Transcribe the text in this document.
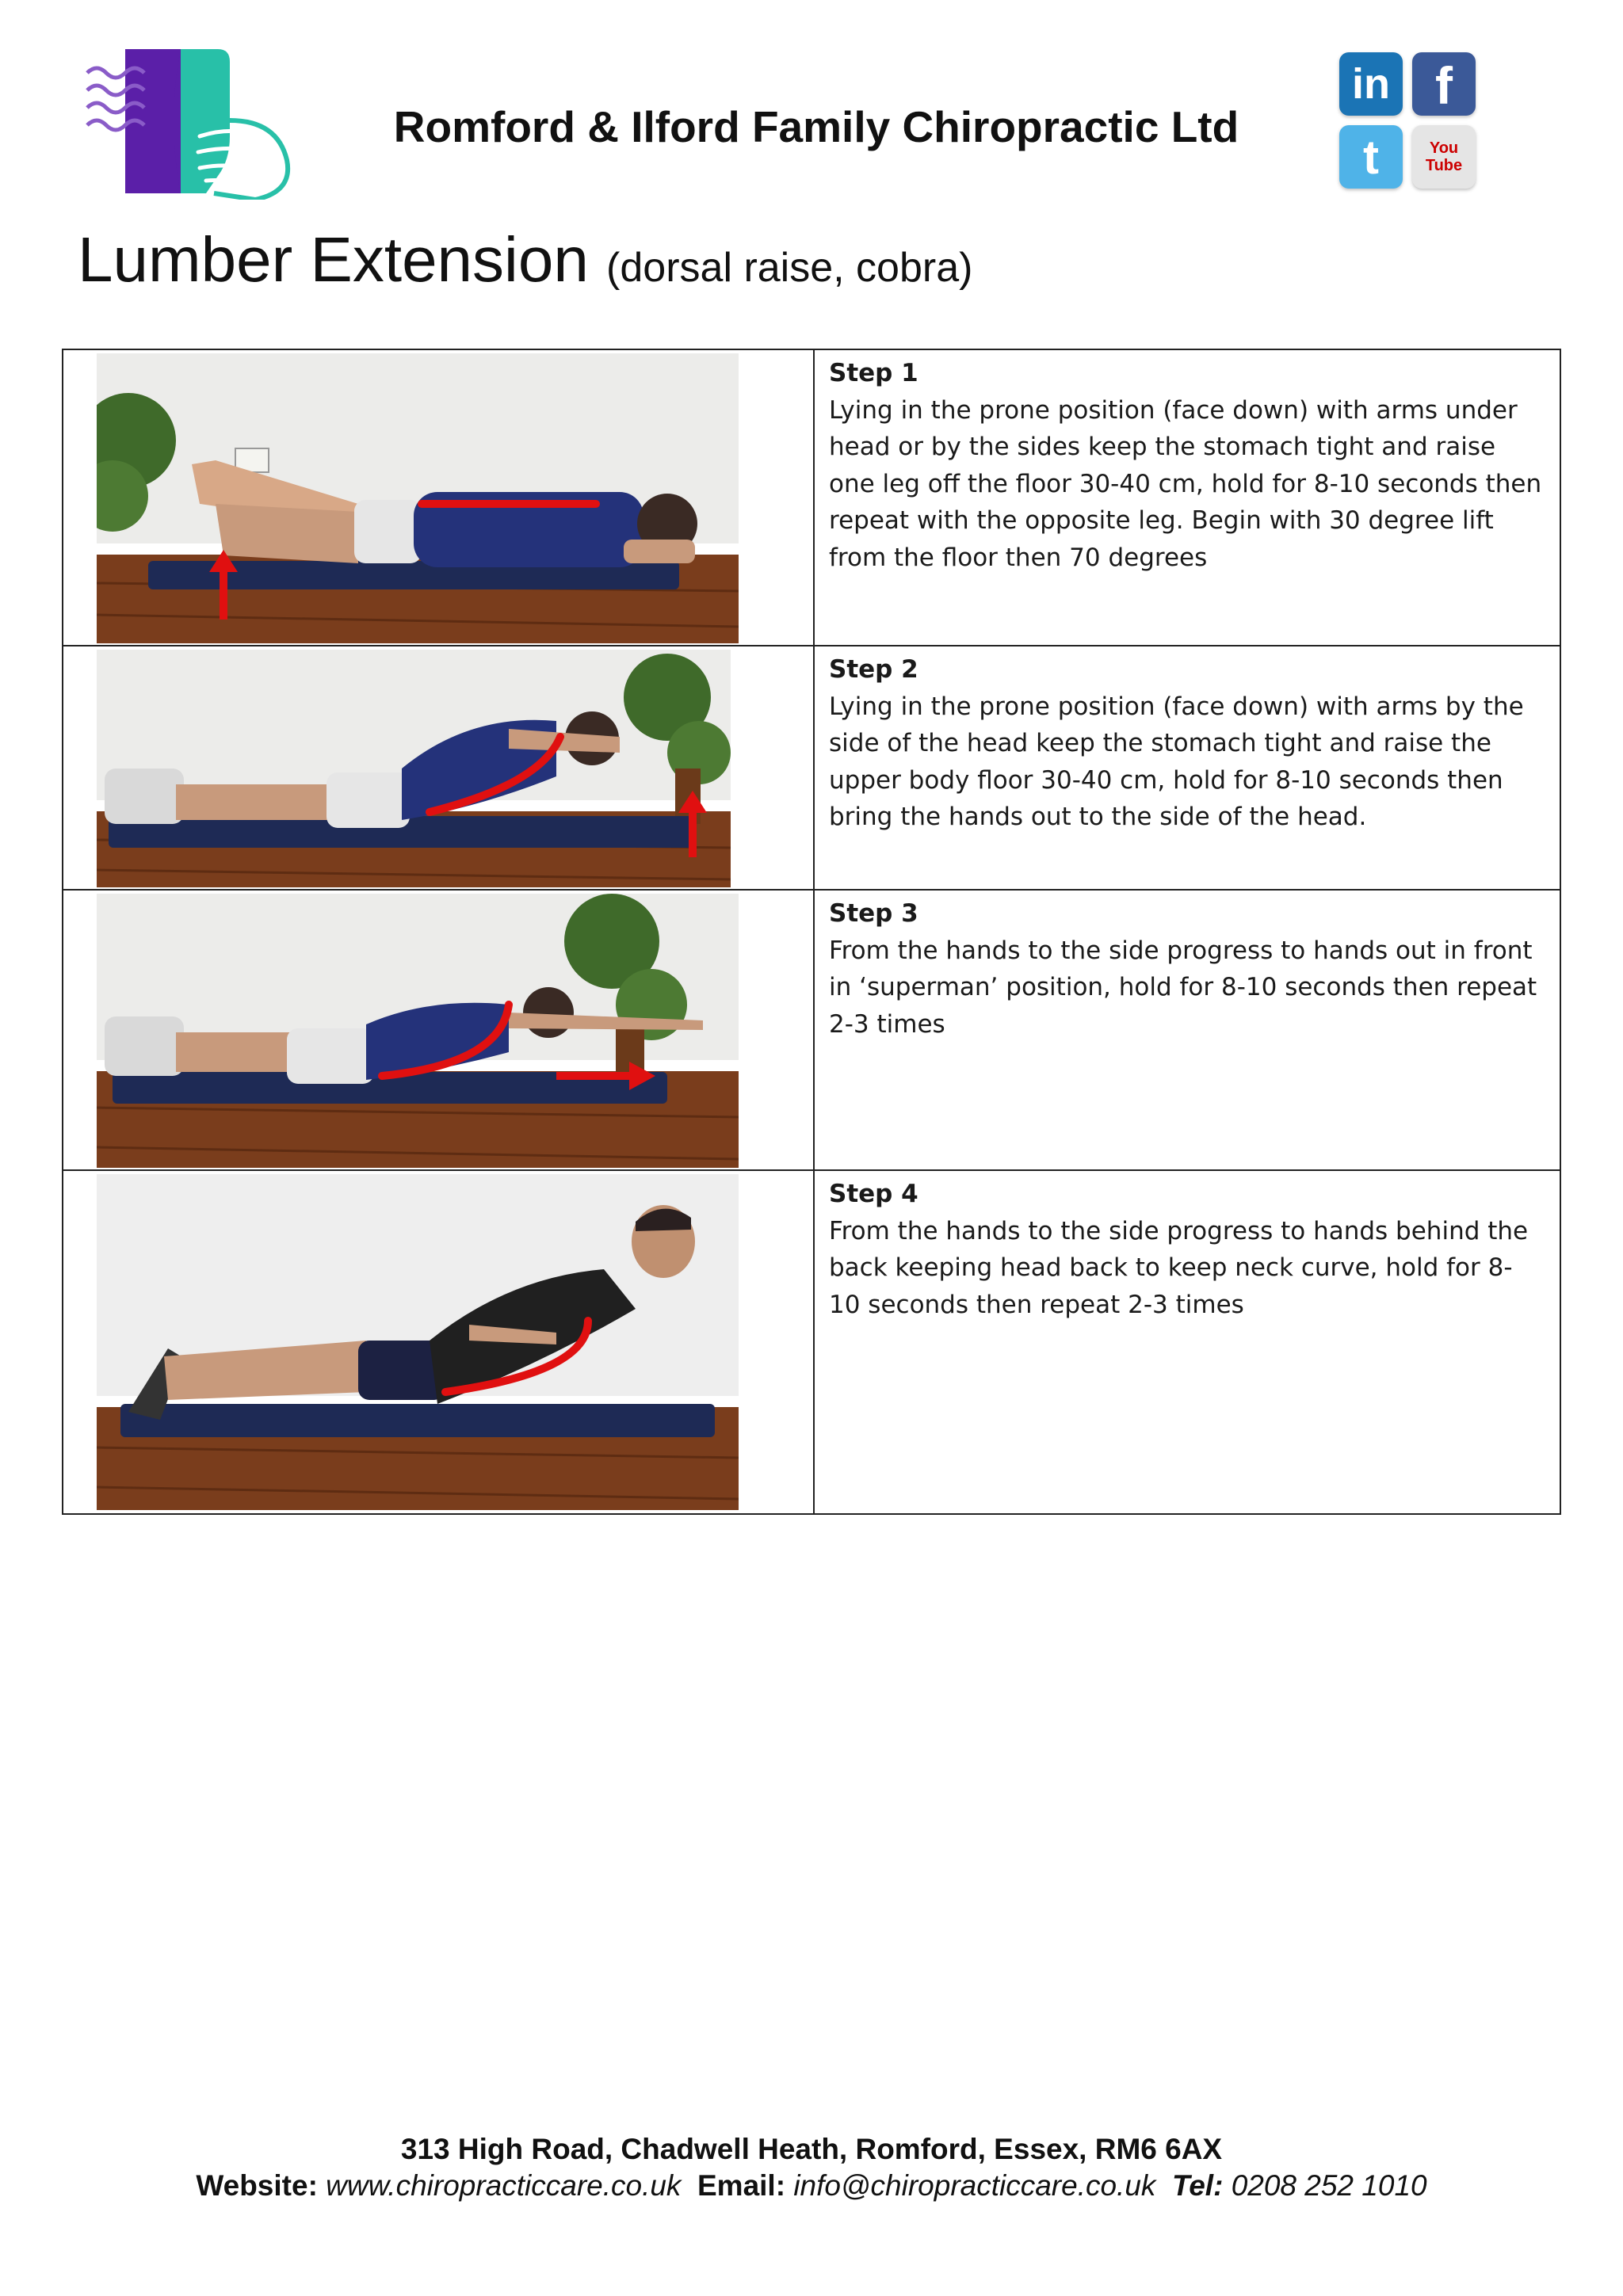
Romford & Ilford Family Chiropractic Ltd
in f
t	You Tube
Lumber Extension (dorsal raise, cobra)
Step 1
Lying in the prone position (face down) with arms under head or by the sides keep the stomach tight and raise one leg off the floor 30-40 cm, hold for 8-10 seconds then repeat with the opposite leg. Begin with 30 degree lift from the floor then 70 degrees
Step 2
Lying in the prone position (face down) with arms by the side of the head keep the stomach tight and raise the upper body floor 30-40 cm, hold for 8-10 seconds then bring the hands out to the side of the head.
Step 3
From the hands to the side progress to hands out in front in ‘superman’ position, hold for 8-10 seconds then repeat 2-3 times
Step 4
From the hands to the side progress to hands behind the back keeping head back to keep neck curve, hold for 8-10 seconds then repeat 2-3 times
313 High Road, Chadwell Heath, Romford, Essex, RM6 6AX
Website: www.chiropracticcare.co.uk Email: info@chiropracticcare.co.uk Tel: 0208 252 1010
